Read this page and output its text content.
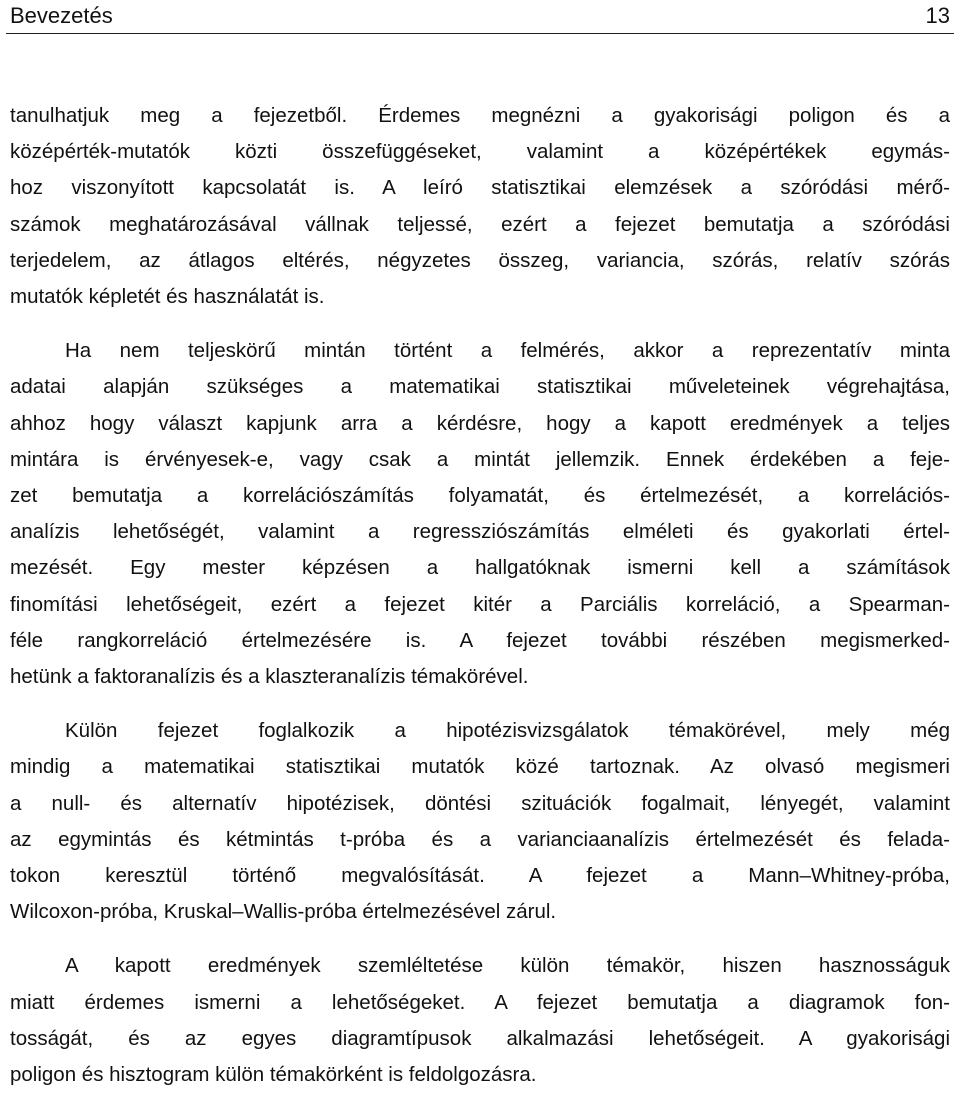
Bevezetés	13
tanulhatjuk meg a fejezetből. Érdemes megnézni a gyakorisági poligon és a
középérték-mutatók közti összefüggéseket, valamint a középértékek egymás-
hoz viszonyított kapcsolatát is. A leíró statisztikai elemzések a szóródási mérő-
számok meghatározásával vállnak teljessé, ezért a fejezet bemutatja a szóródási
terjedelem, az átlagos eltérés, négyzetes összeg, variancia, szórás, relatív szórás
mutatók képletét és használatát is.
Ha nem teljeskörű mintán történt a felmérés, akkor a reprezentatív minta
adatai alapján szükséges a matematikai statisztikai műveleteinek végrehajtása,
ahhoz hogy választ kapjunk arra a kérdésre, hogy a kapott eredmények a teljes
mintára is érvényesek-e, vagy csak a mintát jellemzik. Ennek érdekében a feje-
zet bemutatja a korrelációszámítás folyamatát, és értelmezését, a korrelációs-
analízis lehetőségét, valamint a regressziószámítás elméleti és gyakorlati értel-
mezését. Egy mester képzésen a hallgatóknak ismerni kell a számítások
finomítási lehetőségeit, ezért a fejezet kitér a Parciális korreláció, a Spearman-
féle rangkorreláció értelmezésére is. A fejezet további részében megismerked-
hetünk a faktoranalízis és a klaszteranalízis témakörével.
Külön fejezet foglalkozik a hipotézisvizsgálatok témakörével, mely még
mindig a matematikai statisztikai mutatók közé tartoznak. Az olvasó megismeri
a null- és alternatív hipotézisek, döntési szituációk fogalmait, lényegét, valamint
az egymintás és kétmintás t-próba és a varianciaanalízis értelmezését és felada-
tokon keresztül történő megvalósítását. A fejezet a Mann–Whitney-próba,
Wilcoxon-próba, Kruskal–Wallis-próba értelmezésével zárul.
A kapott eredmények szemléltetése külön témakör, hiszen hasznosságuk
miatt érdemes ismerni a lehetőségeket. A fejezet bemutatja a diagramok fon-
tosságát, és az egyes diagramtípusok alkalmazási lehetőségeit. A gyakorisági
poligon és hisztogram külön témakörként is feldolgozásra.
